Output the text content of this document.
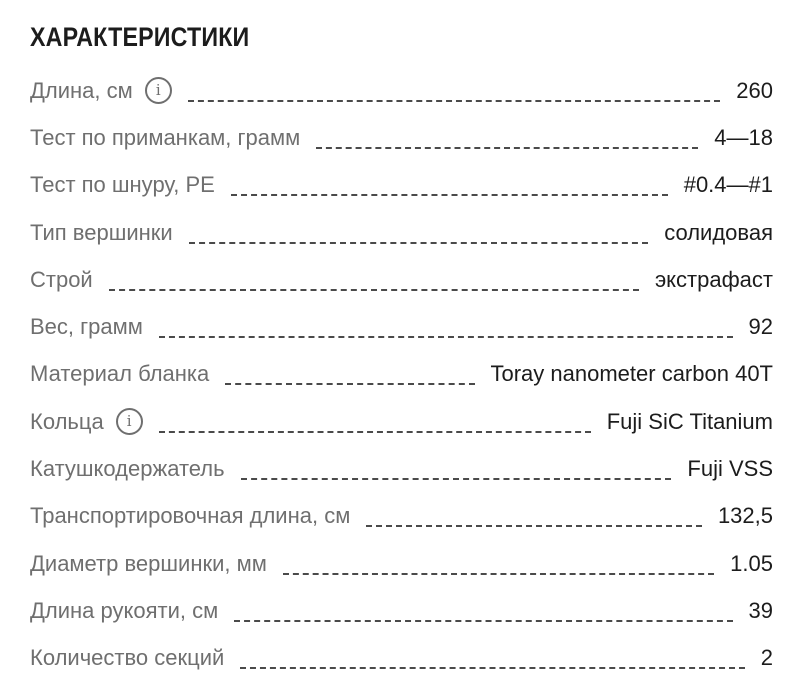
ХАРАКТЕРИСТИКИ
Длина, см	i	260
Тест по приманкам, грамм	4—18
Тест по шнуру, PE	#0.4—#1
Тип вершинки	солидовая
Строй	экстрафаст
Вес, грамм	92
Материал бланка	Toray nanometer carbon 40T
Кольца	i	Fuji SiC Titanium
Катушкодержатель	Fuji VSS
Транспортировочная длина, см	132,5
Диаметр вершинки, мм	1.05
Длина рукояти, см	39
Количество секций	2
